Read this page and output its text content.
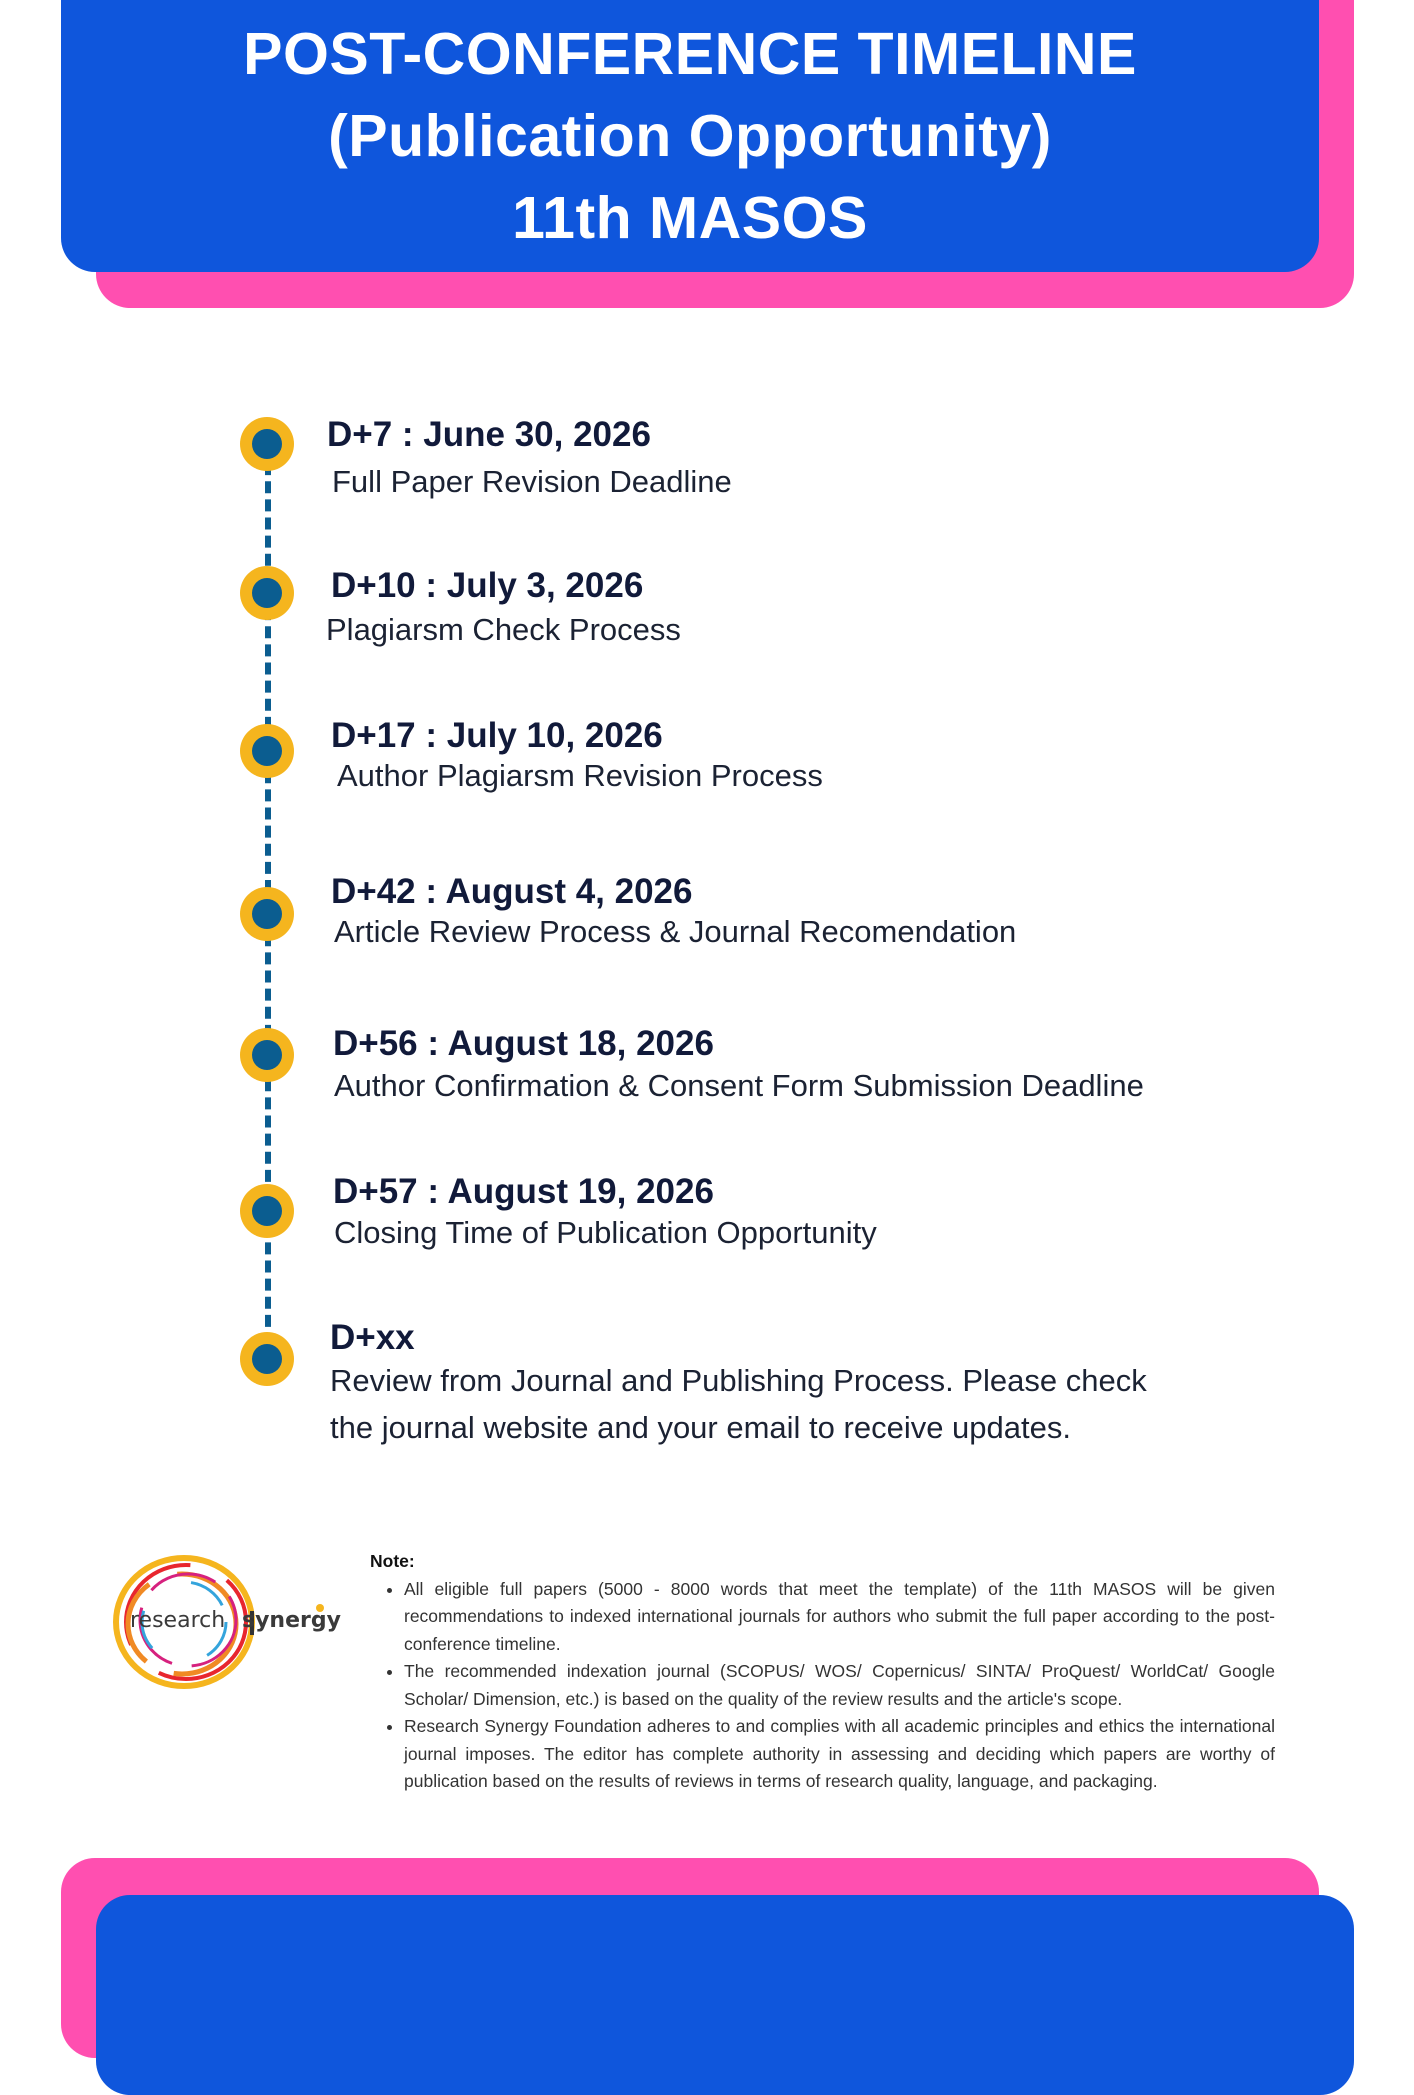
POST-CONFERENCE TIMELINE
(Publication Opportunity)
11th MASOS
D+7 : June 30, 2026
Full Paper Revision Deadline
D+10 : July 3, 2026
Plagiarsm Check Process
D+17 : July 10, 2026
Author Plagiarsm Revision Process
D+42 : August 4, 2026
Article Review Process & Journal Recomendation
D+56 : August 18, 2026
Author Confirmation & Consent Form Submission Deadline
D+57 : August 19, 2026
Closing Time of Publication Opportunity
D+xx
Review from Journal and Publishing Process. Please check
the journal website and your email to receive updates.
research synergy
Note:
• All eligible full papers (5000 - 8000 words that meet the template) of the 11th MASOS will be given recommendations to indexed international journals for authors who submit the full paper according to the post-conference timeline.
• The recommended indexation journal (SCOPUS/ WOS/ Copernicus/ SINTA/ ProQuest/ WorldCat/ Google Scholar/ Dimension, etc.) is based on the quality of the review results and the article's scope.
• Research Synergy Foundation adheres to and complies with all academic principles and ethics the international journal imposes. The editor has complete authority in assessing and deciding which papers are worthy of publication based on the results of reviews in terms of research quality, language, and packaging.
